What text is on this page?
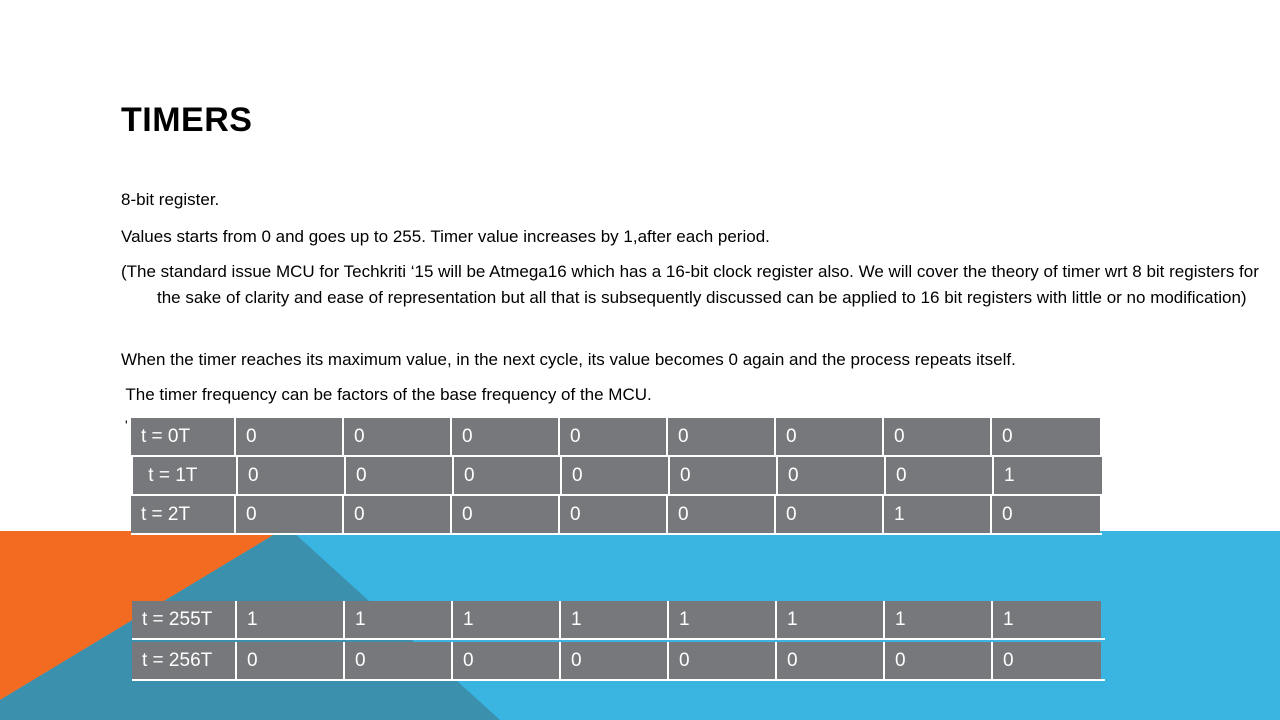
TIMERS

8-bit register.

Values starts from 0 and goes up to 255. Timer value increases by 1,after each period.

(The standard issue MCU for Techkriti ‘15 will be Atmega16 which has a 16-bit clock register also. We will cover the theory of timer wrt 8 bit registers for the sake of clarity and ease of representation but all that is subsequently discussed can be applied to 16 bit registers with little or no modification)

When the timer reaches its maximum value, in the next cycle, its value becomes 0 again and the process repeats itself.

The timer frequency can be factors of the base frequency of the MCU.

'
t = 0T	0	0	0	0	0	0	0	0
t = 1T	0	0	0	0	0	0	0	1
t = 2T	0	0	0	0	0	0	1	0
t = 255T	1	1	1	1	1	1	1	1
t = 256T	0	0	0	0	0	0	0	0
